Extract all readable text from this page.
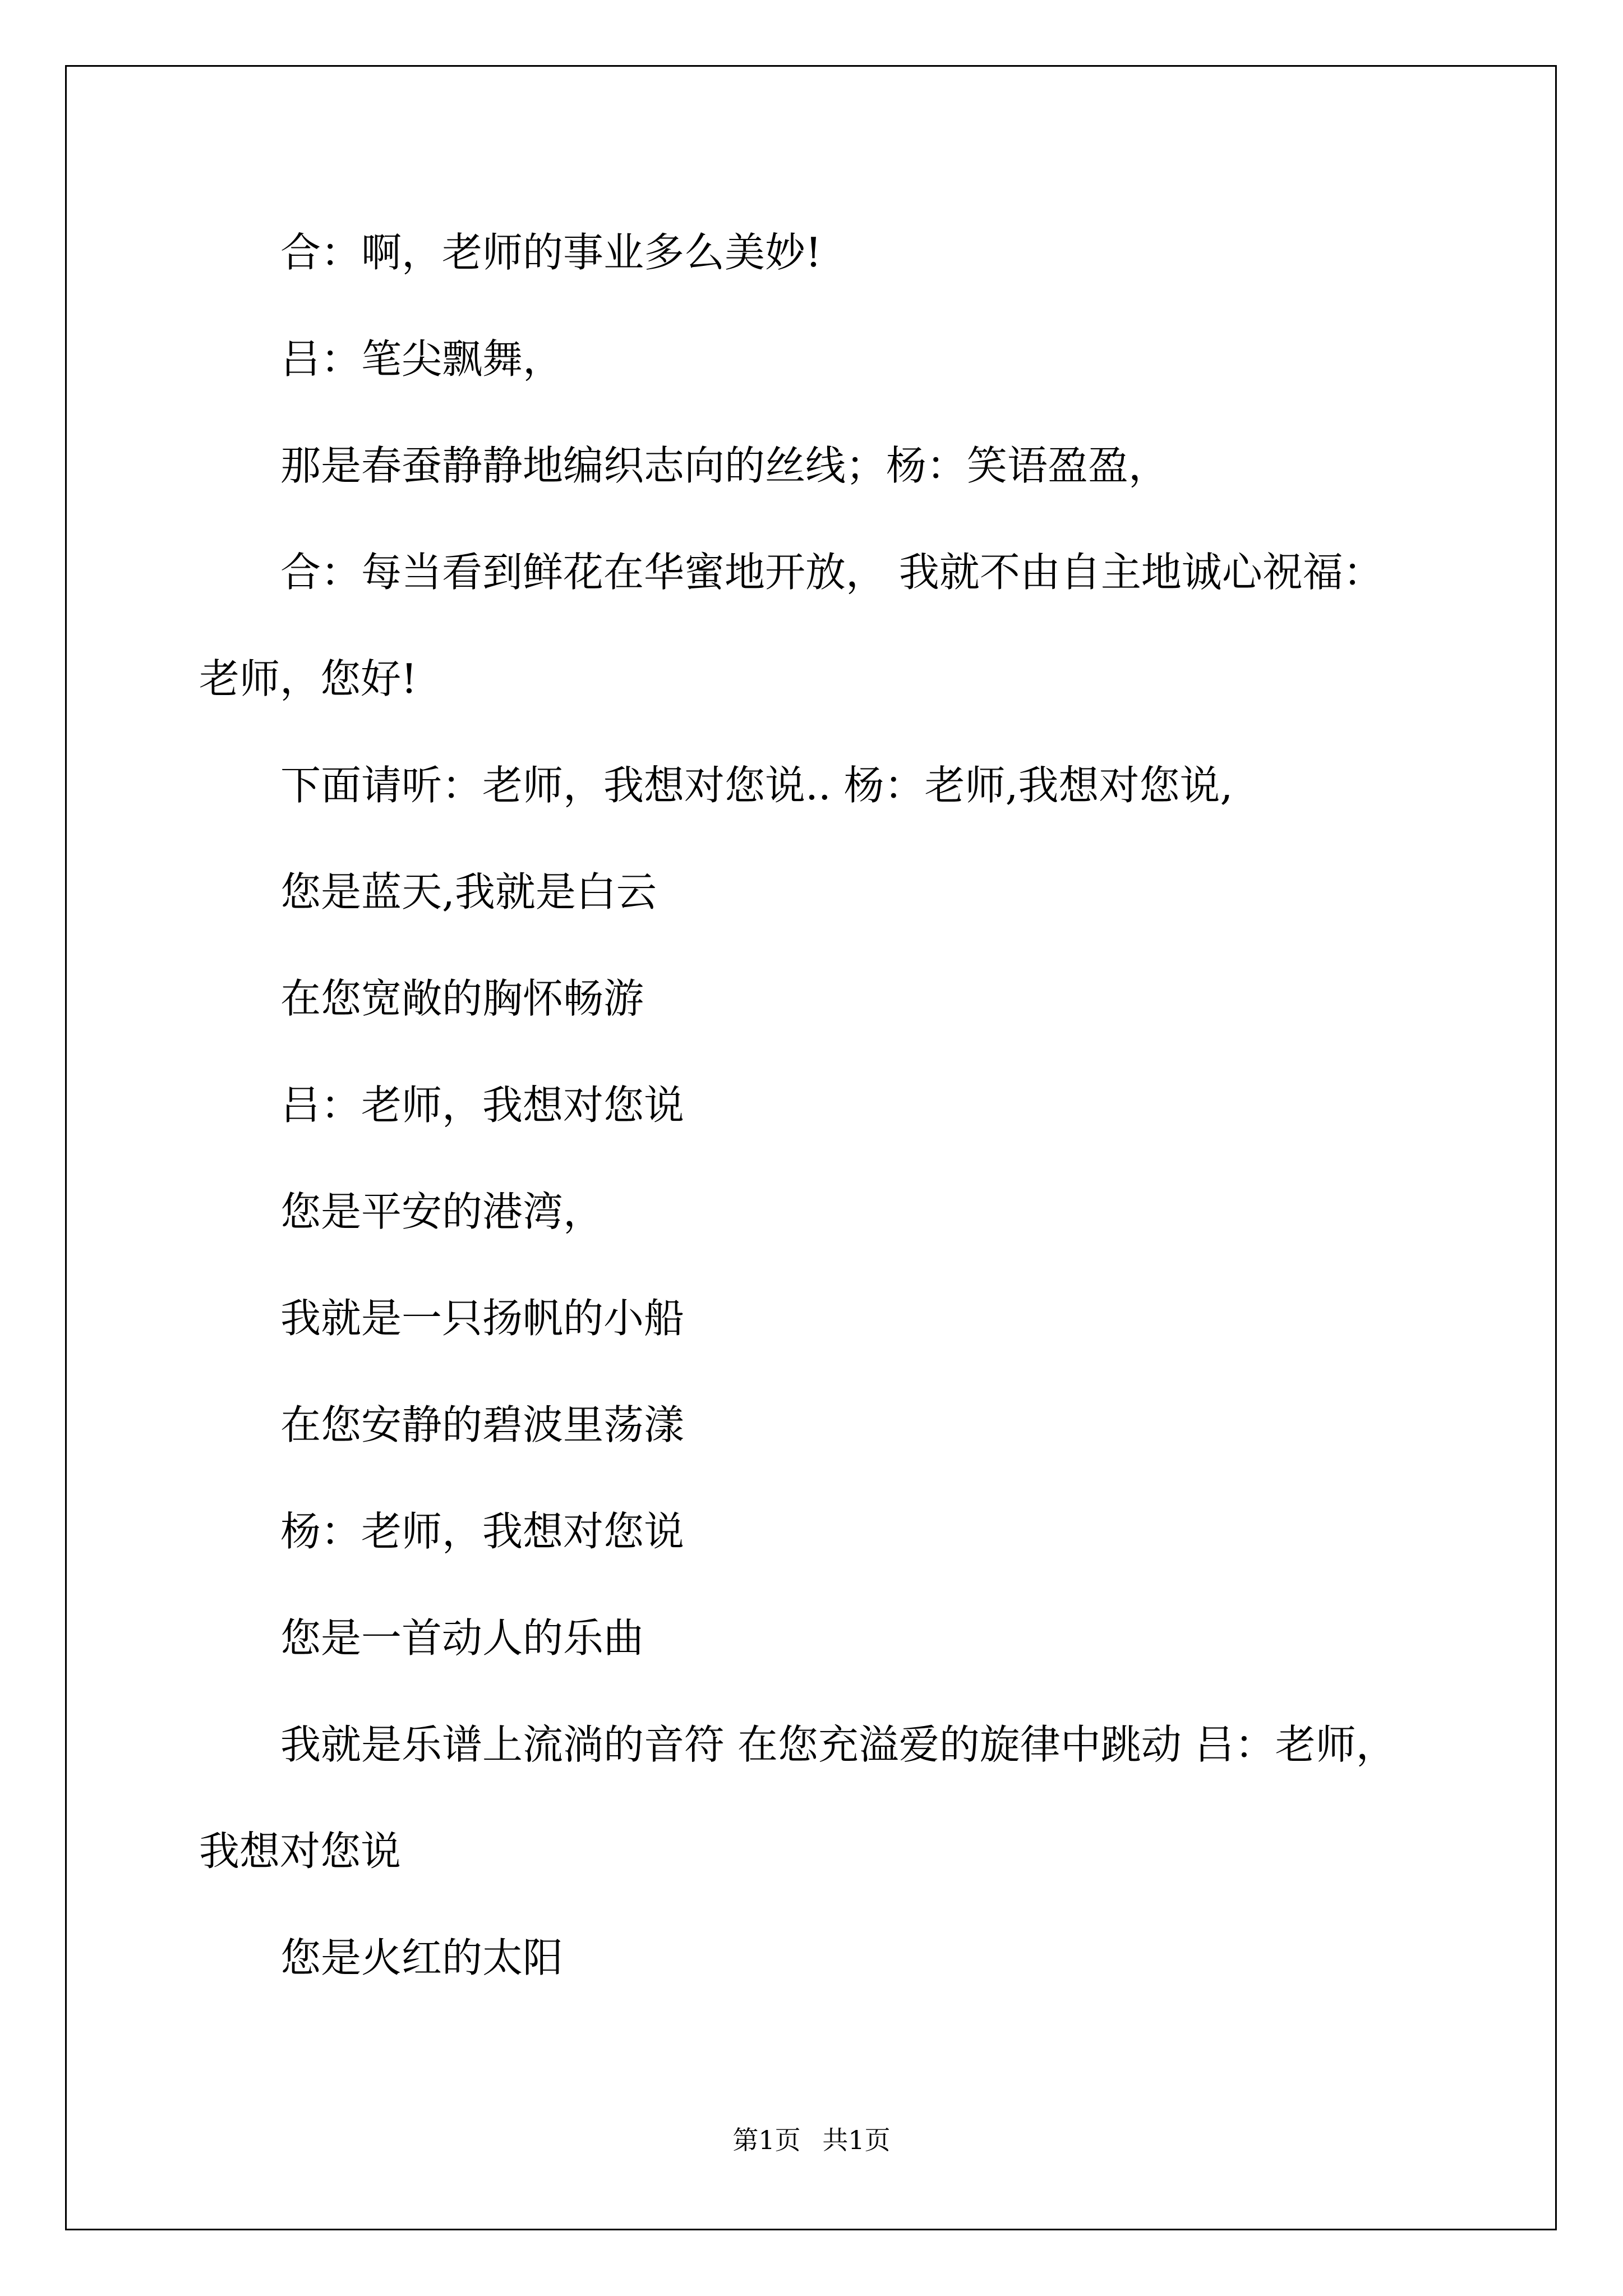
合：啊，老师的事业多么美妙!
吕：笔尖飘舞，
那是春蚕静静地编织志向的丝线；杨：笑语盈盈，
合：每当看到鲜花在华蜜地开放， 我就不由自主地诚心祝福：
老师，您好!
下面请听：老师，我想对您说.. 杨：老师,我想对您说,
您是蓝天,我就是白云
在您宽敞的胸怀畅游
吕：老师，我想对您说
您是平安的港湾，
我就是一只扬帆的小船
在您安静的碧波里荡漾
杨：老师，我想对您说
您是一首动人的乐曲
我就是乐谱上流淌的音符 在您充溢爱的旋律中跳动 吕：老师，
我想对您说
您是火红的太阳
第1页 共1页
